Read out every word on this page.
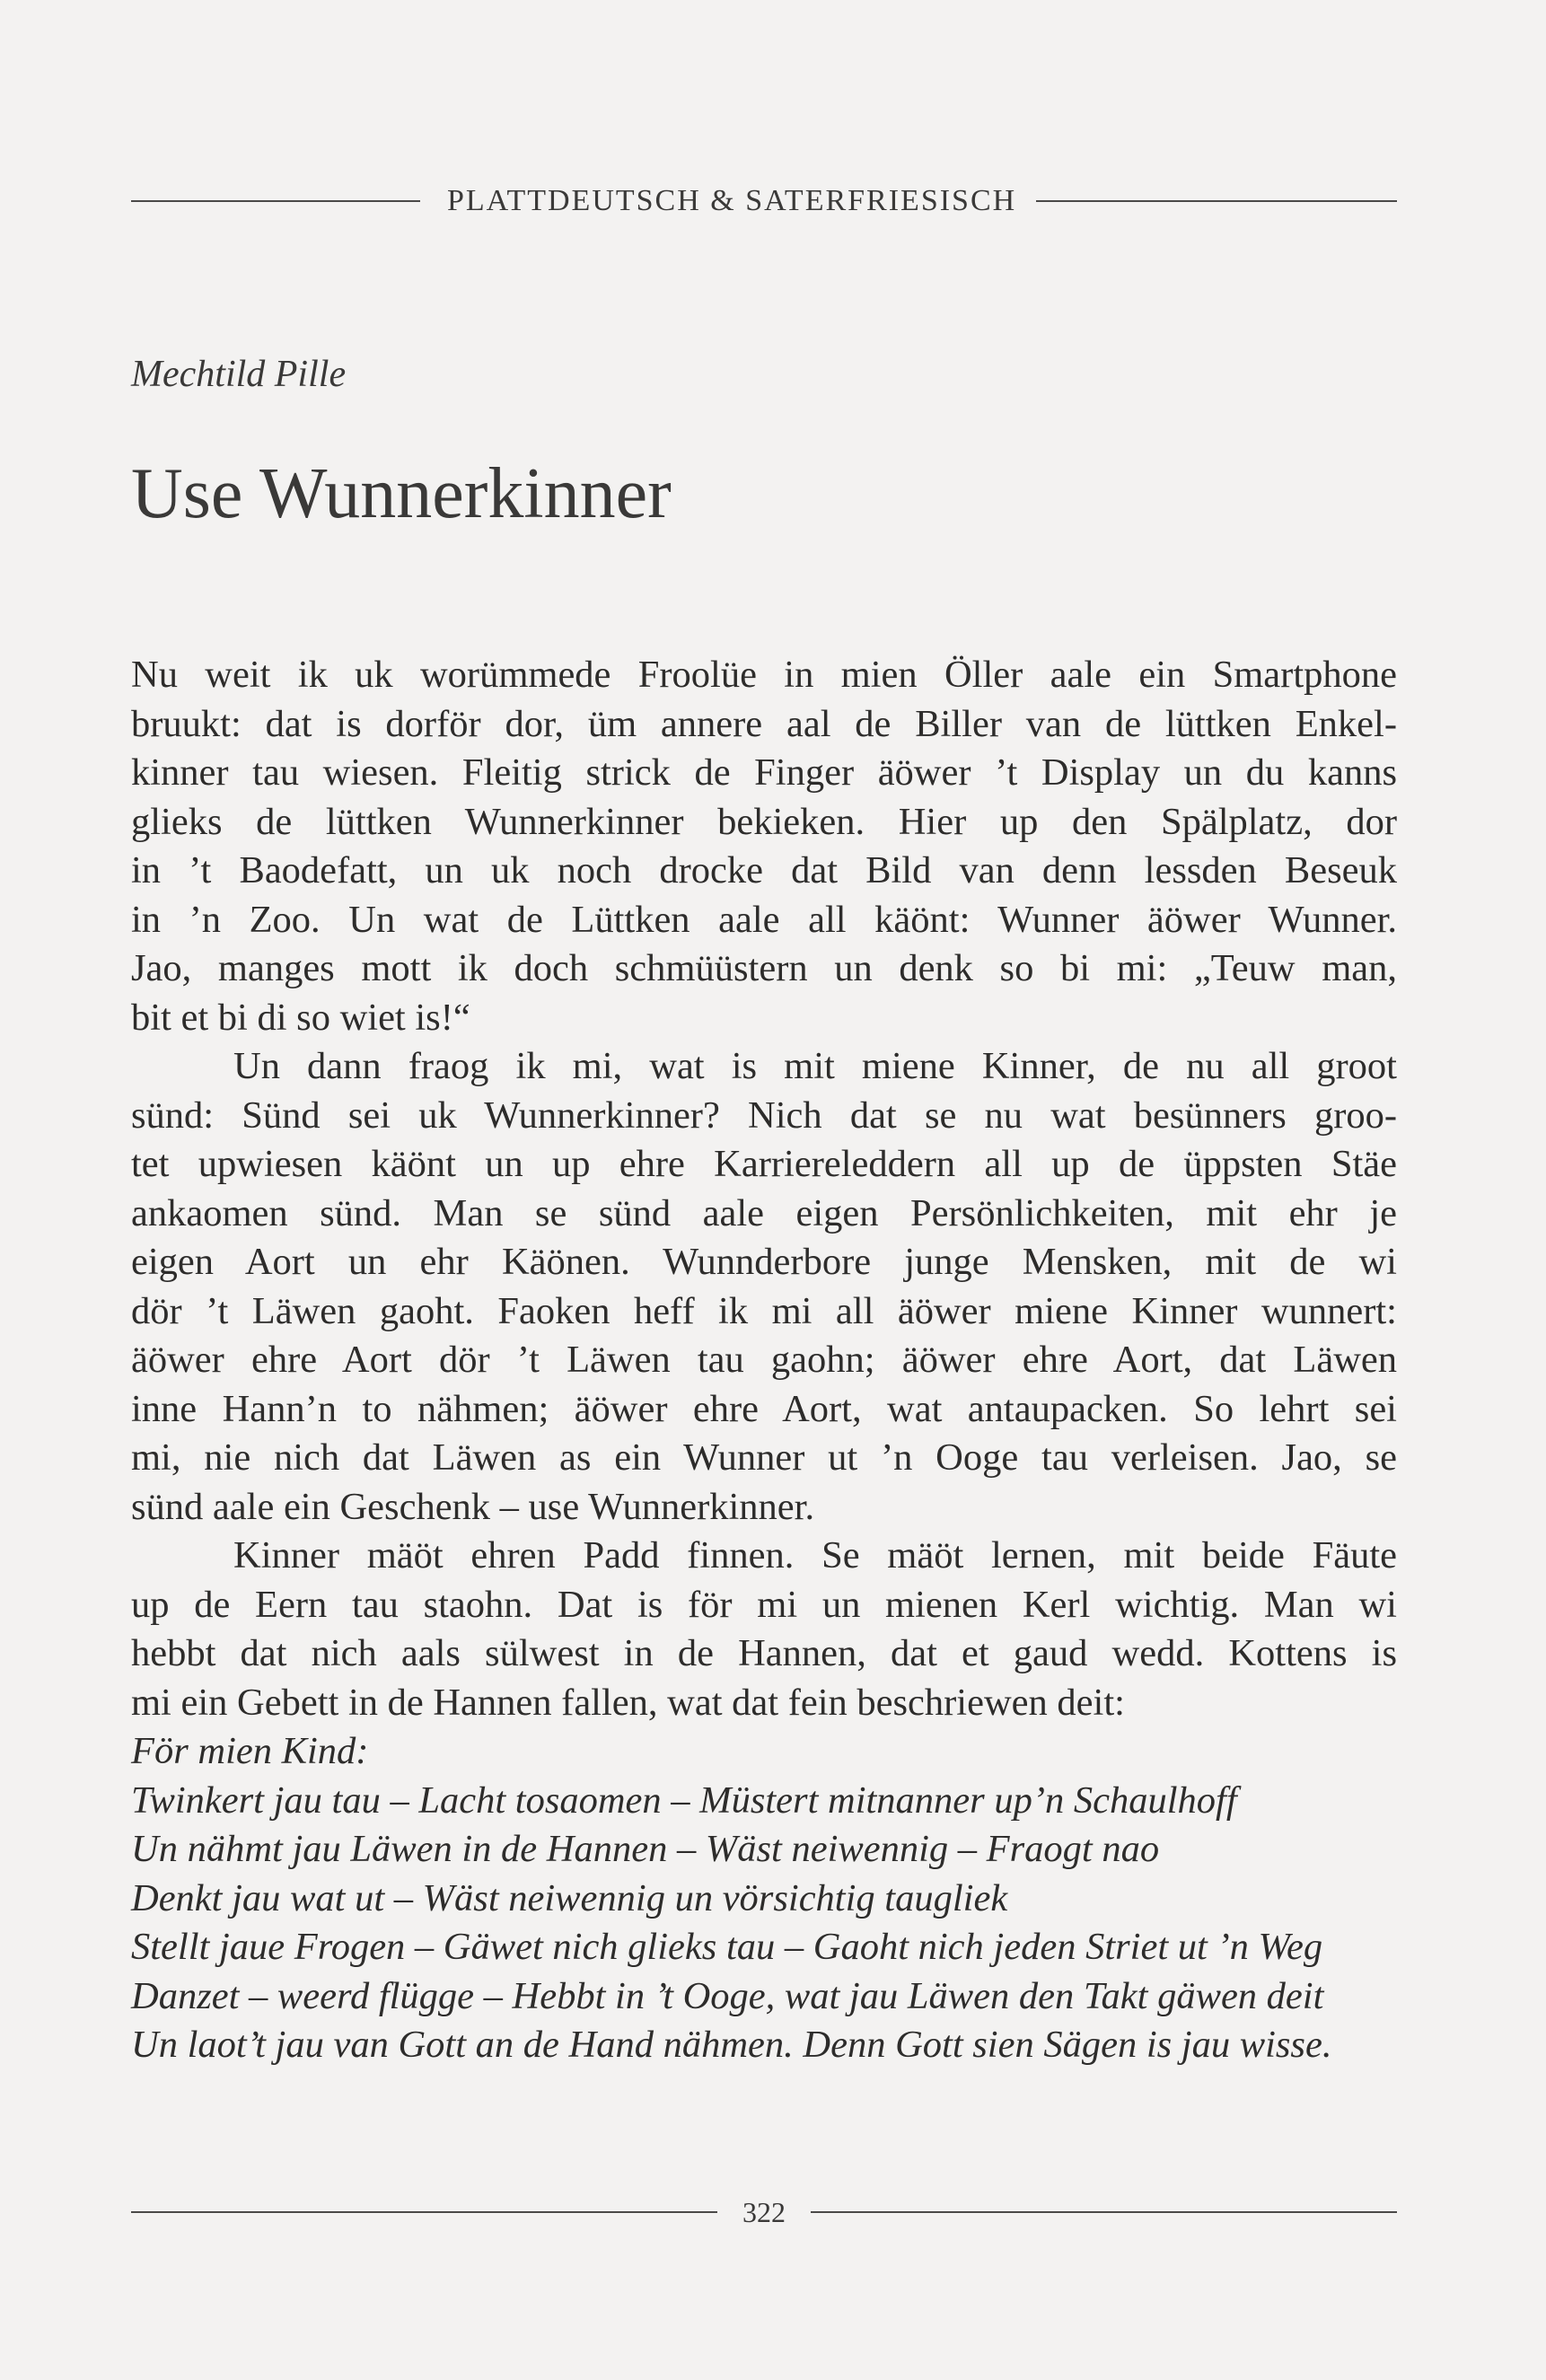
PLATTDEUTSCH & SATERFRIESISCH
Mechtild Pille
Use Wunnerkinner
Nu weit ik uk worümmede Froolüe in mien Öller aale ein Smartphone
bruukt: dat is dorför dor, üm annere aal de Biller van de lüttken Enkel-
kinner tau wiesen. Fleitig strick de Finger äöwer ’t Display un du kanns
glieks de lüttken Wunnerkinner bekieken. Hier up den Spälplatz, dor
in ’t Baodefatt, un uk noch drocke dat Bild van denn lessden Beseuk
in ’n Zoo. Un wat de Lüttken aale all käönt: Wunner äöwer Wunner.
Jao, manges mott ik doch schmüüstern un denk so bi mi: „Teuw man,
bit et bi di so wiet is!“
Un dann fraog ik mi, wat is mit miene Kinner, de nu all groot
sünd: Sünd sei uk Wunnerkinner? Nich dat se nu wat besünners groo-
tet upwiesen käönt un up ehre Karriereleddern all up de üppsten Stäe
ankaomen sünd. Man se sünd aale eigen Persönlichkeiten, mit ehr je
eigen Aort un ehr Käönen. Wunnderbore junge Mensken, mit de wi
dör ’t Läwen gaoht. Faoken heff ik mi all äöwer miene Kinner wunnert:
äöwer ehre Aort dör ’t Läwen tau gaohn; äöwer ehre Aort, dat Läwen
inne Hann’n to nähmen; äöwer ehre Aort, wat antaupacken. So lehrt sei
mi, nie nich dat Läwen as ein Wunner ut ’n Ooge tau verleisen. Jao, se
sünd aale ein Geschenk – use Wunnerkinner.
Kinner mäöt ehren Padd finnen. Se mäöt lernen, mit beide Fäute
up de Eern tau staohn. Dat is för mi un mienen Kerl wichtig. Man wi
hebbt dat nich aals sülwest in de Hannen, dat et gaud wedd. Kottens is
mi ein Gebett in de Hannen fallen, wat dat fein beschriewen deit:
För mien Kind:
Twinkert jau tau – Lacht tosaomen – Müstert mitnanner up’n Schaulhoff
Un nähmt jau Läwen in de Hannen – Wäst neiwennig – Fraogt nao
Denkt jau wat ut – Wäst neiwennig un vörsichtig taugliek
Stellt jaue Frogen – Gäwet nich glieks tau – Gaoht nich jeden Striet ut ’n Weg
Danzet – weerd flügge – Hebbt in ’t Ooge, wat jau Läwen den Takt gäwen deit
Un laot’t jau van Gott an de Hand nähmen. Denn Gott sien Sägen is jau wisse.
322
